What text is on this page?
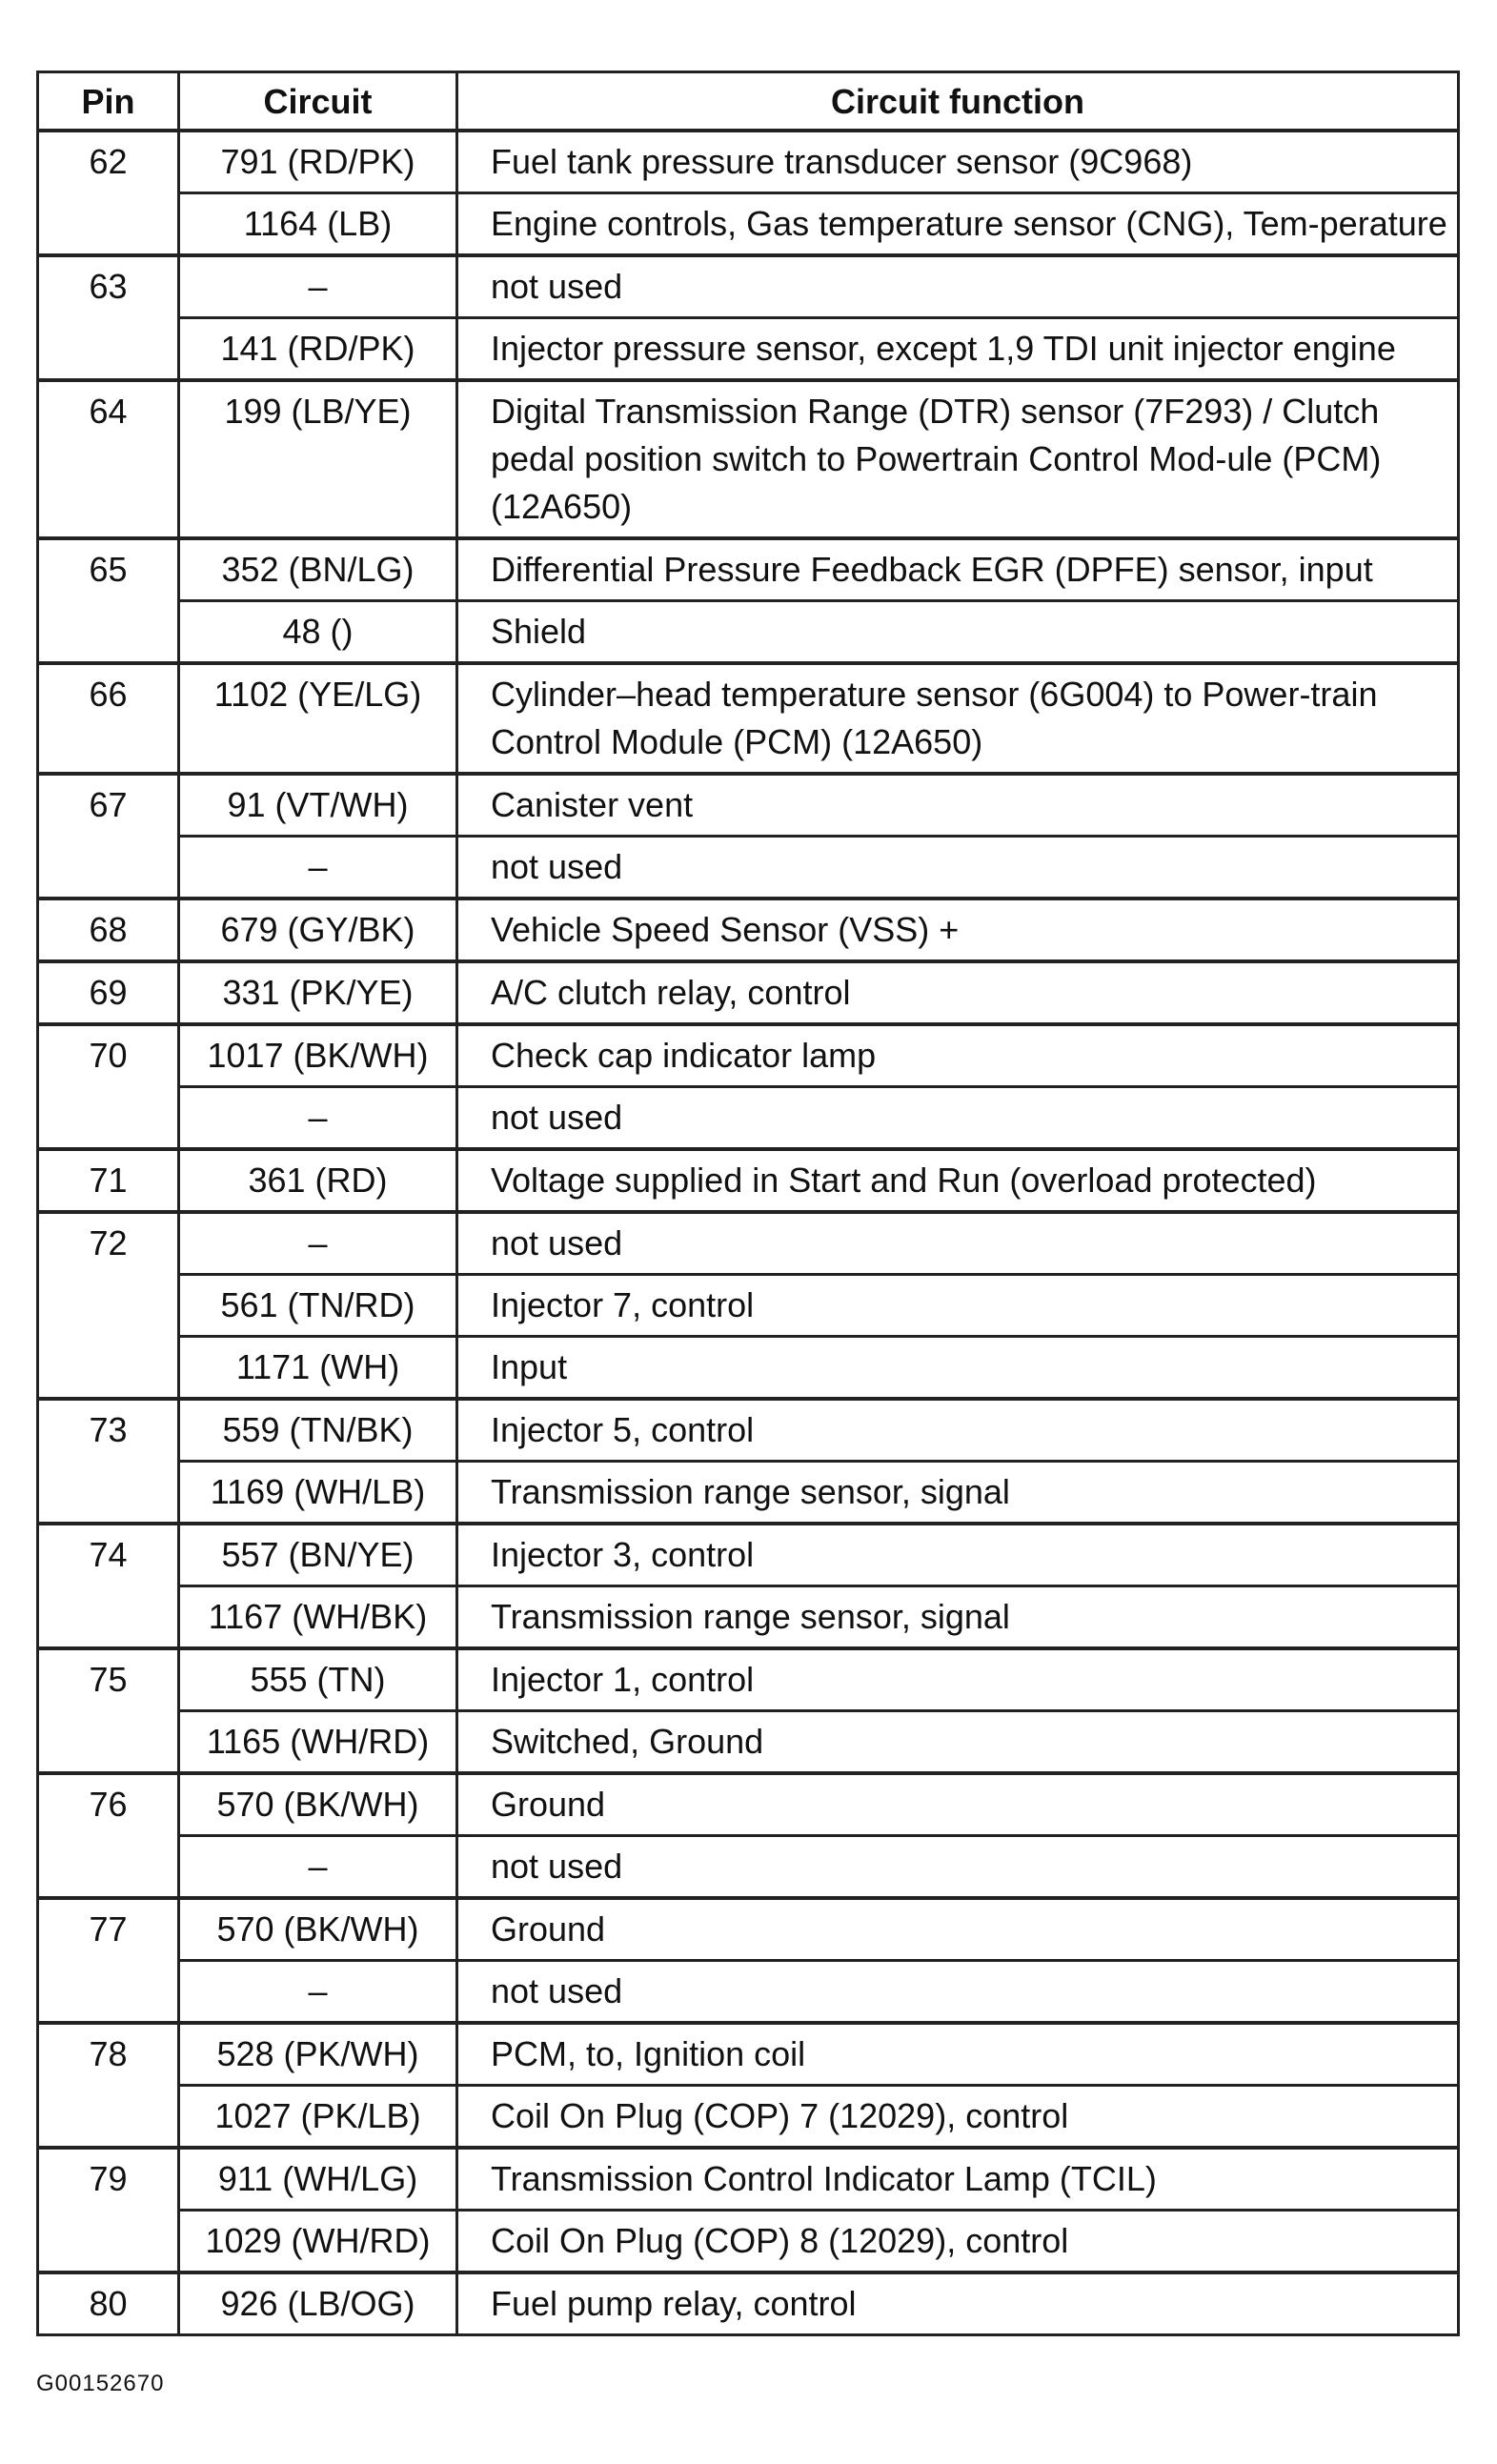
Pin	Circuit	Circuit function
62	791 (RD/PK)	Fuel tank pressure transducer sensor (9C968)
	1164 (LB)	Engine controls, Gas temperature sensor (CNG), Tem-perature
63	–	not used
	141 (RD/PK)	Injector pressure sensor, except 1,9 TDI unit injector engine
64	199 (LB/YE)	Digital Transmission Range (DTR) sensor (7F293) / Clutch pedal position switch to Powertrain Control Mod-ule (PCM) (12A650)
65	352 (BN/LG)	Differential Pressure Feedback EGR (DPFE) sensor, input
	48 ()	Shield
66	1102 (YE/LG)	Cylinder–head temperature sensor (6G004) to Power-train Control Module (PCM) (12A650)
67	91 (VT/WH)	Canister vent
	–	not used
68	679 (GY/BK)	Vehicle Speed Sensor (VSS) +
69	331 (PK/YE)	A/C clutch relay, control
70	1017 (BK/WH)	Check cap indicator lamp
	–	not used
71	361 (RD)	Voltage supplied in Start and Run (overload protected)
72	–	not used
	561 (TN/RD)	Injector 7, control
	1171 (WH)	Input
73	559 (TN/BK)	Injector 5, control
	1169 (WH/LB)	Transmission range sensor, signal
74	557 (BN/YE)	Injector 3, control
	1167 (WH/BK)	Transmission range sensor, signal
75	555 (TN)	Injector 1, control
	1165 (WH/RD)	Switched, Ground
76	570 (BK/WH)	Ground
	–	not used
77	570 (BK/WH)	Ground
	–	not used
78	528 (PK/WH)	PCM, to, Ignition coil
	1027 (PK/LB)	Coil On Plug (COP) 7 (12029), control
79	911 (WH/LG)	Transmission Control Indicator Lamp (TCIL)
	1029 (WH/RD)	Coil On Plug (COP) 8 (12029), control
80	926 (LB/OG)	Fuel pump relay, control
G00152670
